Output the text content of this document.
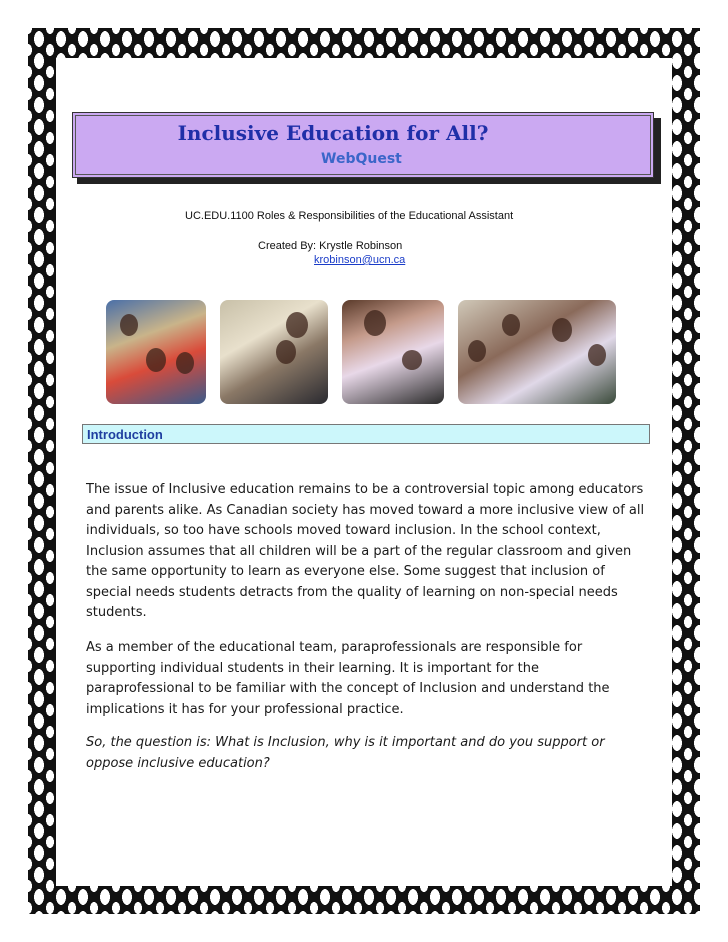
Inclusive Education for All?
WebQuest
UC.EDU.1100 Roles & Responsibilities of the Educational Assistant
Created By: Krystle Robinson
krobinson@ucn.ca
Introduction

The issue of Inclusive education remains to be a controversial topic among educators and parents alike. As Canadian society has moved toward a more inclusive view of all individuals, so too have schools moved toward inclusion. In the school context, Inclusion assumes that all children will be a part of the regular classroom and given the same opportunity to learn as everyone else. Some suggest that inclusion of special needs students detracts from the quality of learning on non-special needs students.

As a member of the educational team, paraprofessionals are responsible for supporting individual students in their learning. It is important for the paraprofessional to be familiar with the concept of Inclusion and understand the implications it has for your professional practice.

So, the question is: What is Inclusion, why is it important and do you support or oppose inclusive education?
